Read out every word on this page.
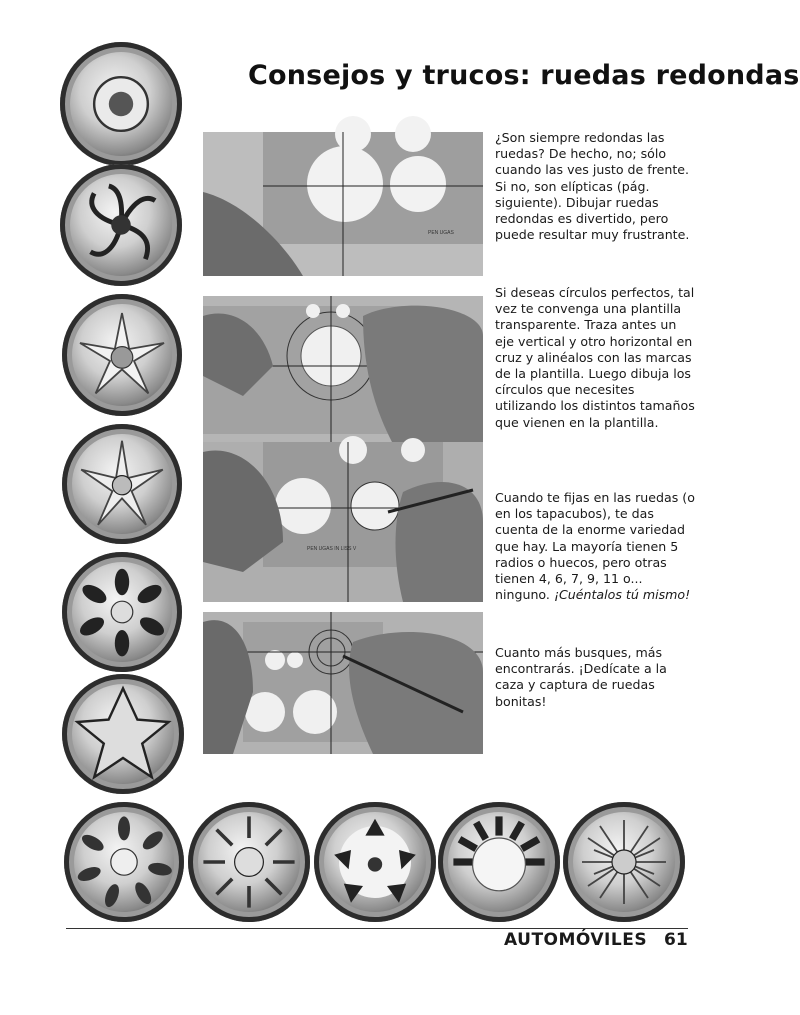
Consejos y trucos: ruedas redondas
PEN UGAS
PEN UGAS IN LISS V

¿Son siempre redondas las ruedas? De hecho, no; sólo cuando las ves justo de frente. Si no, son elípticas (pág. siguiente). Dibujar ruedas redondas es divertido, pero puede resultar muy frustrante.

Si deseas círculos perfectos, tal vez te convenga una plantilla transparente. Traza antes un eje vertical y otro horizontal en cruz y alinéalos con las marcas de la plantilla. Luego dibuja los círculos que necesites utilizando los distintos tamaños que vienen en la plantilla.

Cuando te fijas en las ruedas (o en los tapacubos), te das cuenta de la enorme variedad que hay. La mayoría tienen 5 radios o huecos, pero otras tienen 4, 6, 7, 9, 11 o... ninguno. ¡Cuéntalos tú mismo!

Cuanto más busques, más encontrarás. ¡Dedícate a la caza y captura de ruedas bonitas!

AUTOMÓVILES 61
